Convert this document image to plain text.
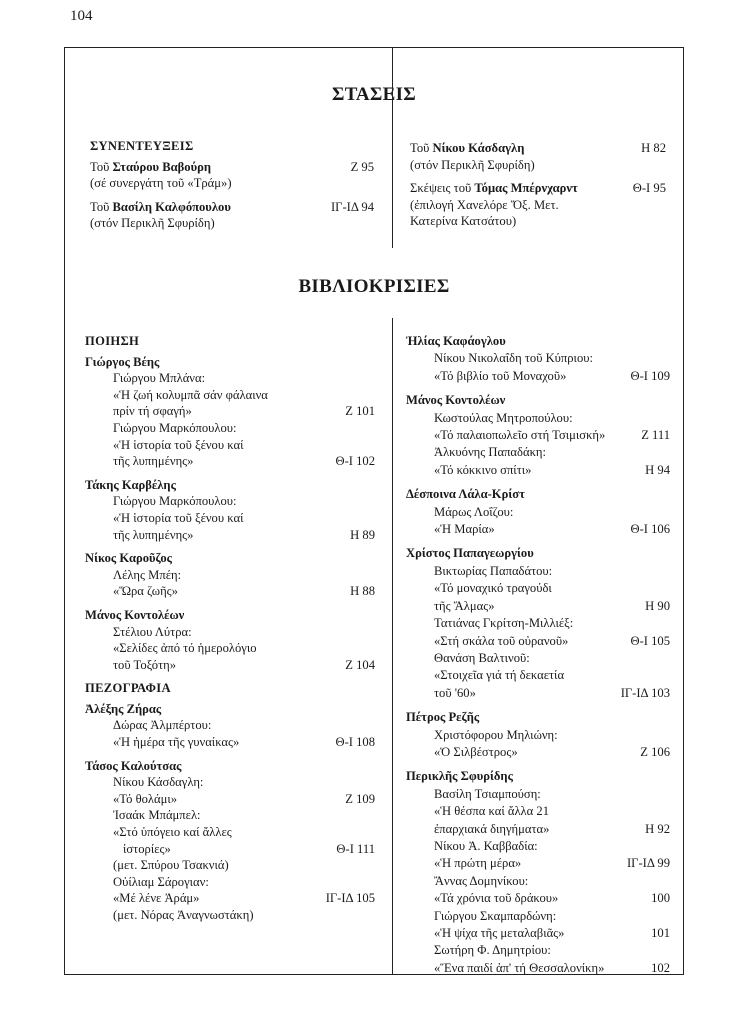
104
ΣΤΑΣΕΙΣ
ΣΥΝΕΝΤΕΥΞΕΙΣ
Τοῦ Σταύρου Βαβούρη	Ζ 95
(σέ συνεργάτη τοῦ «Τράμ»)
Τοῦ Βασίλη Καλφόπουλου	ΙΓ-ΙΔ 94
(στόν Περικλῆ Σφυρίδη)
Τοῦ Νίκου Κάσδαγλη	Η 82
(στόν Περικλῆ Σφυρίδη)
Σκέψεις τοῦ Τόμας Μπέρνχαρντ	Θ-Ι 95
(ἐπιλογή Χανελόρε Ὄξ. Μετ.
Κατερίνα Κατσάτου)
ΒΙΒΛΙΟΚΡΙΣΙΕΣ
ΠΟΙΗΣΗ
Γιώργος Βέης
Γιώργου Μπλάνα:
«Ἡ ζωή κολυμπᾶ σάν φάλαινα
πρίν τή σφαγή»	Ζ 101
Γιώργου Μαρκόπουλου:
«Ἡ ἱστορία τοῦ ξένου καί
τῆς λυπημένης»	Θ-Ι 102
Τάκης Καρβέλης
Γιώργου Μαρκόπουλου:
«Ἡ ἱστορία τοῦ ξένου καί
τῆς λυπημένης»	Η 89
Νίκος Καροῦζος
Λέλης Μπέη:
«Ὥρα ζωῆς»	Η 88
Μάνος Κοντολέων
Στέλιου Λύτρα:
«Σελίδες ἀπό τό ἡμερολόγιο
τοῦ Τοξότη»	Ζ 104
ΠΕΖΟΓΡΑΦΙΑ
Ἀλέξης Ζήρας
Δώρας Ἀλμπέρτου:
«Ἡ ἡμέρα τῆς γυναίκας»	Θ-Ι 108
Τάσος Καλούτσας
Νίκου Κάσδαγλη:
«Τό θολάμι»	Ζ 109
Ἰσαάκ Μπάμπελ:
«Στό ὑπόγειο καί ἄλλες
ἱστορίες»	Θ-Ι 111
(μετ. Σπύρου Τσακνιά)
Οὐίλιαμ Σάρογιαν:
«Μέ λένε Ἀράμ»	ΙΓ-ΙΔ 105
(μετ. Νόρας Ἀναγνωστάκη)
Ἠλίας Καφάογλου
Νίκου Νικολαΐδη τοῦ Κύπριου:
«Τό βιβλίο τοῦ Μοναχοῦ»	Θ-Ι 109
Μάνος Κοντολέων
Κωστούλας Μητροπούλου:
«Τό παλαιοπωλεῖο στή Τσιμισκή»	Ζ 111
Ἀλκυόνης Παπαδάκη:
«Τό κόκκινο σπίτι»	Η 94
Δέσποινα Λάλα-Κρίστ
Μάρως Λοΐζου:
«Ἡ Μαρία»	Θ-Ι 106
Χρίστος Παπαγεωργίου
Βικτωρίας Παπαδάτου:
«Τό μοναχικό τραγούδι
τῆς Ἄλμας»	Η 90
Τατιάνας Γκρίτση-Μιλλιέξ:
«Στή σκάλα τοῦ οὐρανοῦ»	Θ-Ι 105
Θανάση Βαλτινοῦ:
«Στοιχεῖα γιά τή δεκαετία
τοῦ '60»	ΙΓ-ΙΔ 103
Πέτρος Ρεζῆς
Χριστόφορου Μηλιώνη:
«Ὁ Σιλβέστρος»	Ζ 106
Περικλῆς Σφυρίδης
Βασίλη Τσιαμπούση:
«Ἡ θέσπα καί ἄλλα 21
ἐπαρχιακά διηγήματα»	Η 92
Νίκου Ἀ. Καββαδία:
«Ἡ πρώτη μέρα»	ΙΓ-ΙΔ 99
Ἄννας Δομηνίκου:
«Τά χρόνια τοῦ δράκου»	100
Γιώργου Σκαμπαρδώνη:
«Ἡ ψίχα τῆς μεταλαβιᾶς»	101
Σωτήρη Φ. Δημητρίου:
«Ἕνα παιδί ἀπ' τή Θεσσαλονίκη»	102
